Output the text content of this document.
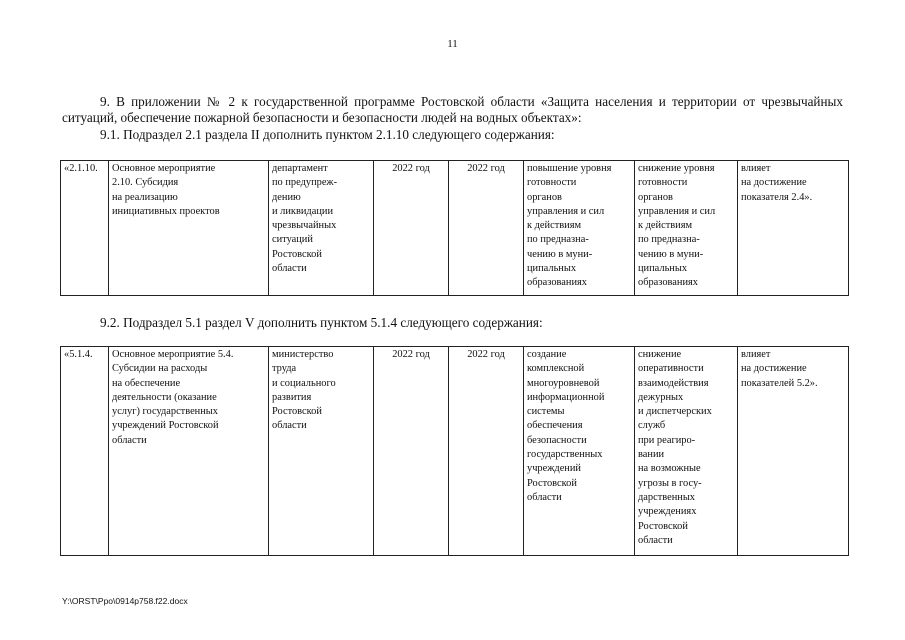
11
9. В приложении № 2 к государственной программе Ростовской области «Защита населения и территории от чрезвычайных ситуаций, обеспечение пожарной безопасности и безопасности людей на водных объектах»:
9.1. Подраздел 2.1 раздела II дополнить пунктом 2.1.10 следующего содержания:
«2.1.10.	Основное мероприятие
2.10. Субсидия
на реализацию
инициативных проектов	департамент
по предупреж-
дению
и ликвидации
чрезвычайных
ситуаций
Ростовской
области	2022 год	2022 год	повышение уровня
готовности
органов
управления и сил
к действиям
по предназна-
чению в муни-
ципальных
образованиях	снижение уровня
готовности
органов
управления и сил
к действиям
по предназна-
чению в муни-
ципальных
образованиях	влияет
на достижение
показателя 2.4».
9.2. Подраздел 5.1 раздел V дополнить пунктом 5.1.4 следующего содержания:
«5.1.4.	Основное мероприятие 5.4.
Субсидии на расходы
на обеспечение
деятельности (оказание
услуг) государственных
учреждений Ростовской
области	министерство
труда
и социального
развития
Ростовской
области	2022 год	2022 год	создание
комплексной
многоуровневой
информационной
системы
обеспечения
безопасности
государственных
учреждений
Ростовской
области	снижение
оперативности
взаимодействия
дежурных
и диспетчерских
служб
при реагиро-
вании
на возможные
угрозы в госу-
дарственных
учреждениях
Ростовской
области	влияет
на достижение
показателей 5.2».
Y:\ORST\Ppo\0914p758.f22.docx
